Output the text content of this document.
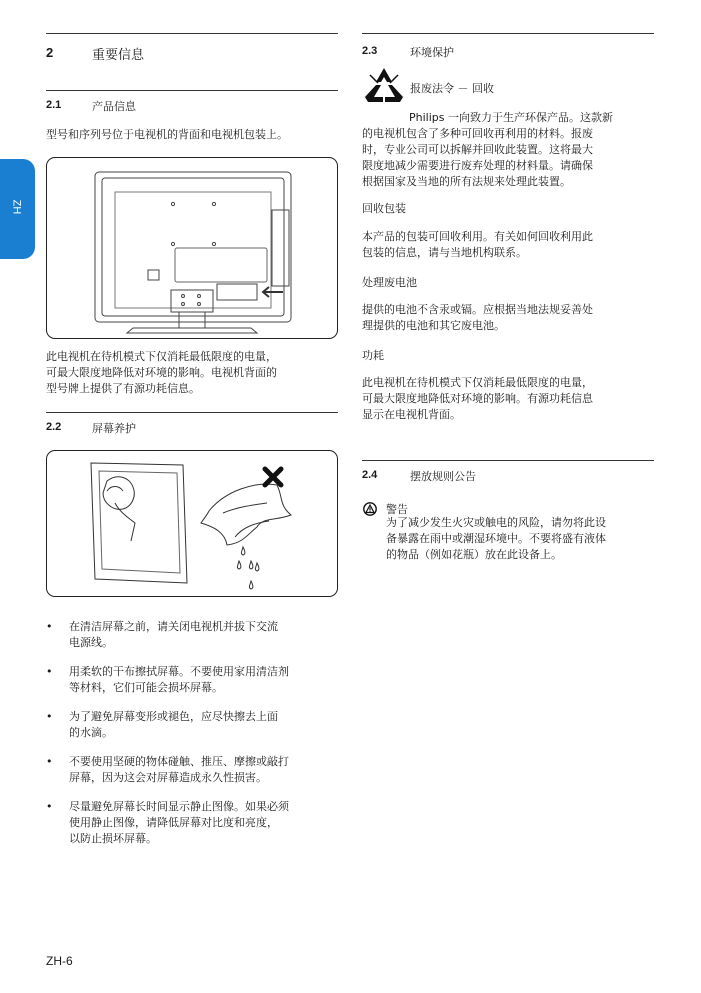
ZH
2	重要信息
2.1	产品信息
型号和序列号位于电视机的背面和电视机包装上。
此电视机在待机模式下仅消耗最低限度的电量，
可最大限度地降低对环境的影响。电视机背面的
型号牌上提供了有源功耗信息。
2.2	屏幕养护
• 在清洁屏幕之前，请关闭电视机并拔下交流
电源线。
• 用柔软的干布擦拭屏幕。不要使用家用清洁剂
等材料，它们可能会损坏屏幕。
• 为了避免屏幕变形或褪色，应尽快擦去上面
的水滴。
• 不要使用坚硬的物体碰触、推压、摩擦或敲打
屏幕，因为这会对屏幕造成永久性损害。
• 尽量避免屏幕长时间显示静止图像。如果必须
使用静止图像，请降低屏幕对比度和亮度，
以防止损坏屏幕。
ZH-6
2.3	环境保护
报废法令 － 回收
Philips 一向致力于生产环保产品。这款新
的电视机包含了多种可回收再利用的材料。报废
时，专业公司可以拆解并回收此装置。这将最大
限度地减少需要进行废弃处理的材料量。请确保
根据国家及当地的所有法规来处理此装置。
回收包装
本产品的包装可回收利用。有关如何回收利用此
包装的信息，请与当地机构联系。
处理废电池
提供的电池不含汞或镉。应根据当地法规妥善处
理提供的电池和其它废电池。
功耗
此电视机在待机模式下仅消耗最低限度的电量，
可最大限度地降低对环境的影响。有源功耗信息
显示在电视机背面。
2.4	摆放规则公告
警告
为了减少发生火灾或触电的风险，请勿将此设
备暴露在雨中或潮湿环境中。不要将盛有液体
的物品（例如花瓶）放在此设备上。
